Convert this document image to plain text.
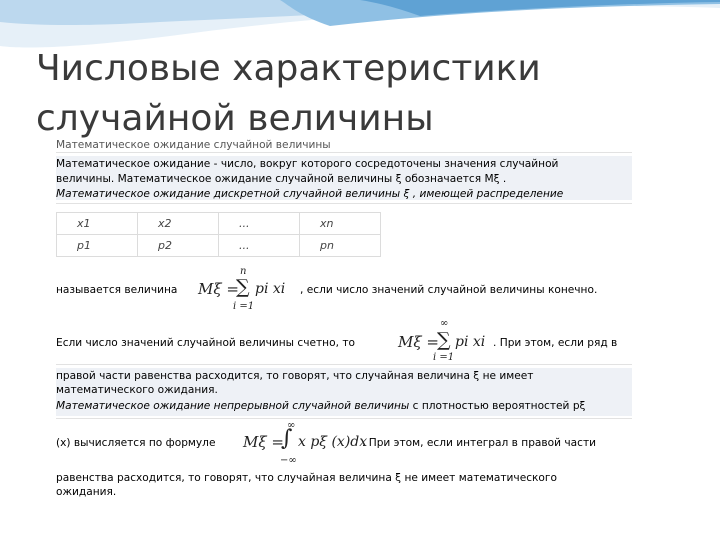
Числовые характеристики
случайной величины
Математическое ожидание случайной величины
Математическое ожидание - число, вокруг которого сосредоточены значения случайной
величины. Математическое ожидание случайной величины ξ обозначается Mξ .
Математическое ожидание дискретной случайной величины ξ , имеющей распределение
x1	x2	...	xn
p1	p2	...	pn
называется величина Mξ =
∑
n
i =1
pi xi , если число значений случайной величины конечно.
Если число значений случайной величины счетно, то	Mξ =
∑
∞
i =1
pi xi . При этом, если ряд в
правой части равенства расходится, то говорят, что случайная величина ξ не имеет
математического ожидания.
Математическое ожидание непрерывной случайной величины с плотностью вероятностей pξ
(x) вычисляется по формуле Mξ =
∫
∞
−∞
x pξ (x)dx
. При этом, если интеграл в правой части
равенства расходится, то говорят, что случайная величина ξ не имеет математического
ожидания.
